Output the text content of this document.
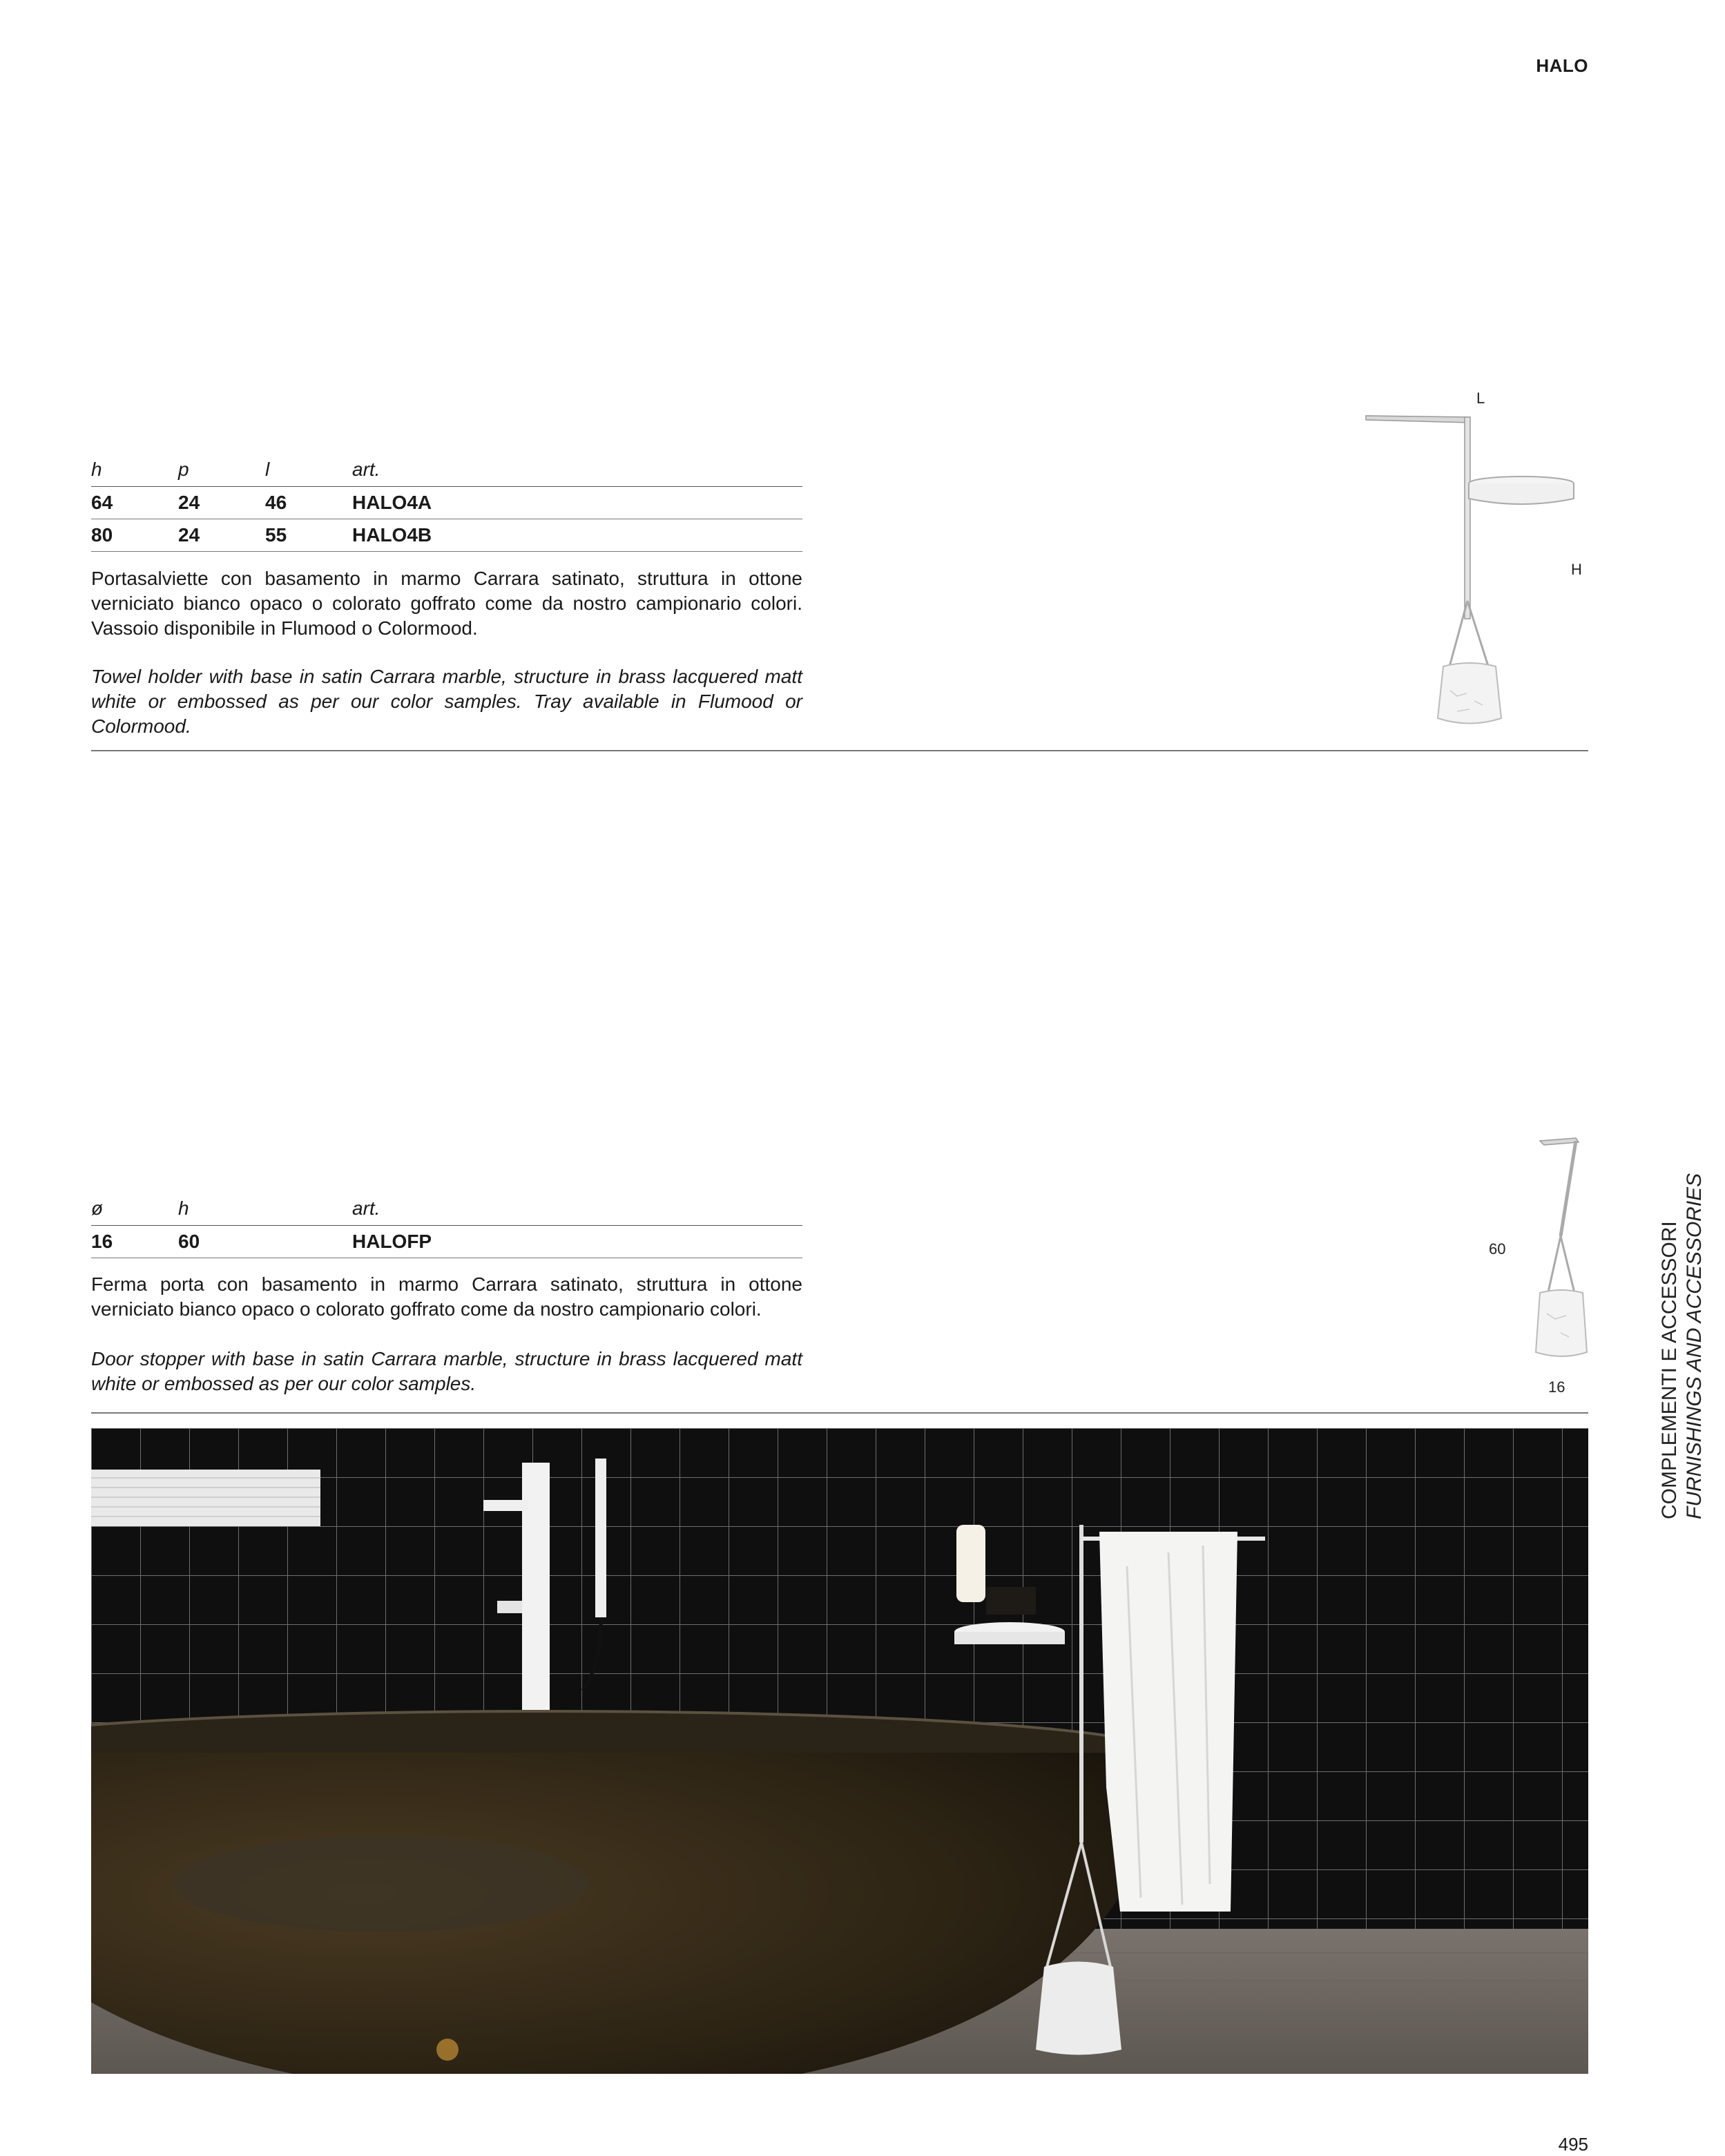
HALO
h	p	l	art.
64	24	46	HALO4A
80	24	55	HALO4B
Portasalviette con basamento in marmo Carrara satinato, struttura in ottone verniciato bianco opaco o colorato goffrato come da nostro campionario colori. Vassoio disponibile in Flumood o Colormood.
Towel holder with base in satin Carrara marble, structure in brass lacquered matt white or embossed as per our color samples. Tray available in Flumood or Colormood.
L
H
ø	h	art.
16	60	HALOFP
Ferma porta con basamento in marmo Carrara satinato, struttura in ottone verniciato bianco opaco o colorato goffrato come da nostro campionario colori.
Door stopper with base in satin Carrara marble, structure in brass lacquered matt white or embossed as per our color samples.
60
16	COMPLEMENTI E ACCESSORI FURNISHINGS AND ACCESSORIES
495
